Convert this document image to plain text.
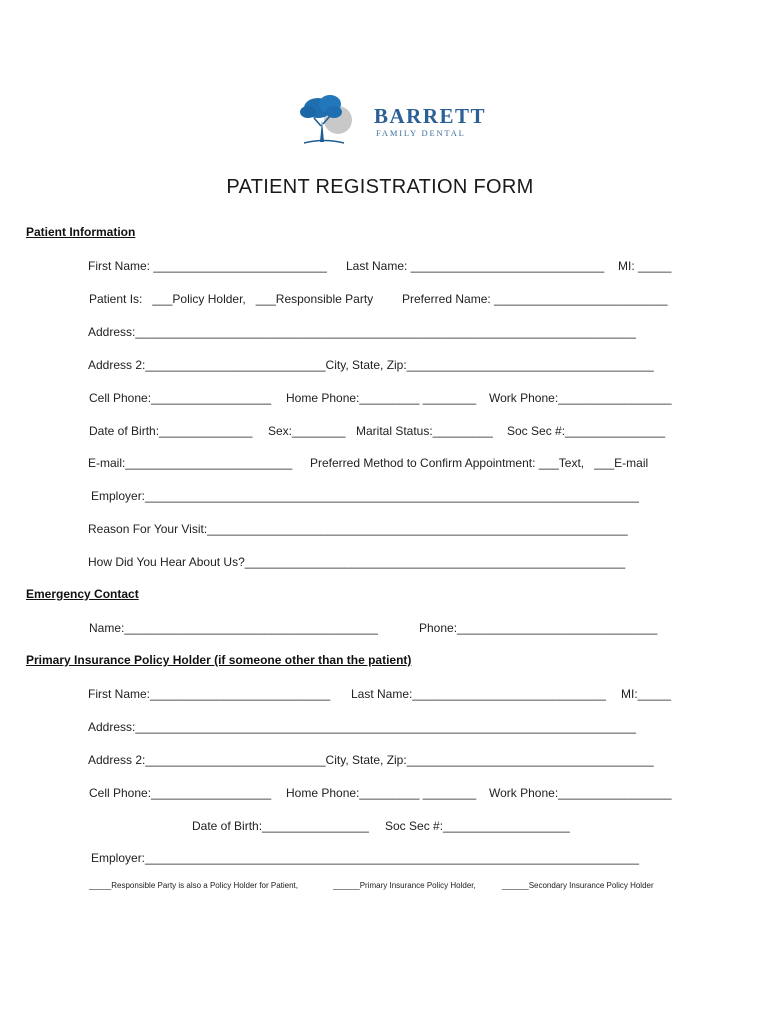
BARRETT
FAMILY DENTAL
PATIENT REGISTRATION FORM
Patient Information
First Name: __________________________ Last Name: _____________________________ MI: _____
Patient Is:   ___Policy Holder,   ___Responsible Party Preferred Name: __________________________
Address:___________________________________________________________________________
Address 2:___________________________City, State, Zip:_____________________________________
Cell Phone:__________________ Home Phone:_________ ________ Work Phone:_________________
Date of Birth:______________ Sex:________ Marital Status:_________ Soc Sec #:_______________
E-mail:_________________________ Preferred Method to Confirm Appointment: ___Text,   ___E-mail
Employer:__________________________________________________________________________
Reason For Your Visit:_______________________________________________________________
How Did You Hear About Us?_________________________________________________________
Emergency Contact
Name:______________________________________	Phone:______________________________
Primary Insurance Policy Holder (if someone other than the patient)
First Name:___________________________ Last Name:_____________________________ MI:_____
Address:___________________________________________________________________________
Address 2:___________________________City, State, Zip:_____________________________________
Cell Phone:__________________ Home Phone:_________ ________ Work Phone:_________________
Date of Birth:________________ Soc Sec #:___________________
Employer:__________________________________________________________________________
_____Responsible Party is also a Policy Holder for Patient,	______Primary Insurance Policy Holder,	______Secondary Insurance Policy Holder
